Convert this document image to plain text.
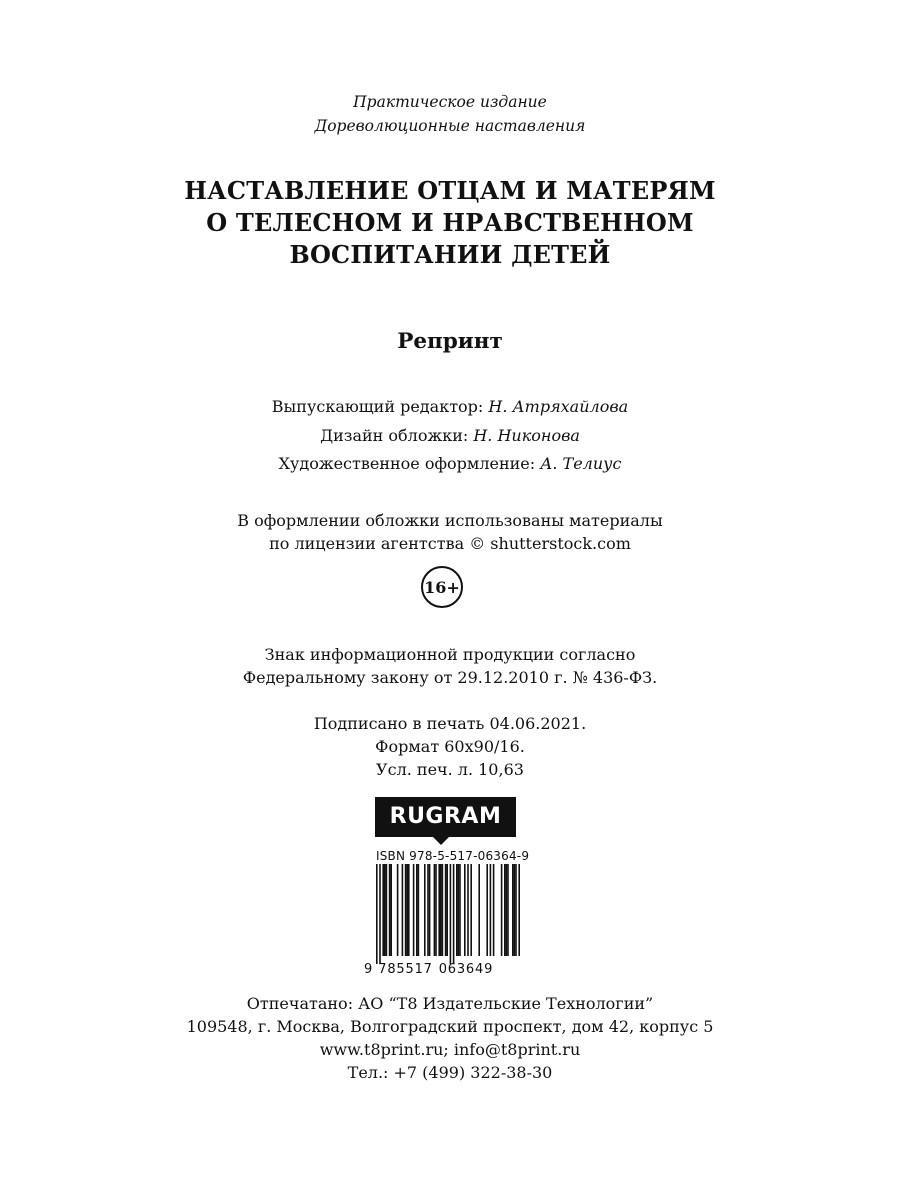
Практическое издание
Дореволюционные наставления
НАСТАВЛЕНИЕ ОТЦАМ И МАТЕРЯМ
О ТЕЛЕСНОМ И НРАВСТВЕННОМ
ВОСПИТАНИИ ДЕТЕЙ
Репринт
Выпускающий редактор: Н. Атряхайлова
Дизайн обложки: Н. Никонова
Художественное оформление: А. Телиус
В оформлении обложки использованы материалы
по лицензии агентства © shutterstock.com
16+
Знак информационной продукции согласно
Федеральному закону от 29.12.2010 г. № 436-ФЗ.
Подписано в печать 04.06.2021.
Формат 60х90/16.
Усл. печ. л. 10,63
RUGRAM
ISBN 978-5-517-06364-9
9 785517 063649
Отпечатано: АО “Т8 Издательские Технологии”
109548, г. Москва, Волгоградский проспект, дом 42, корпус 5
www.t8print.ru; info@t8print.ru
Тел.: +7 (499) 322-38-30
